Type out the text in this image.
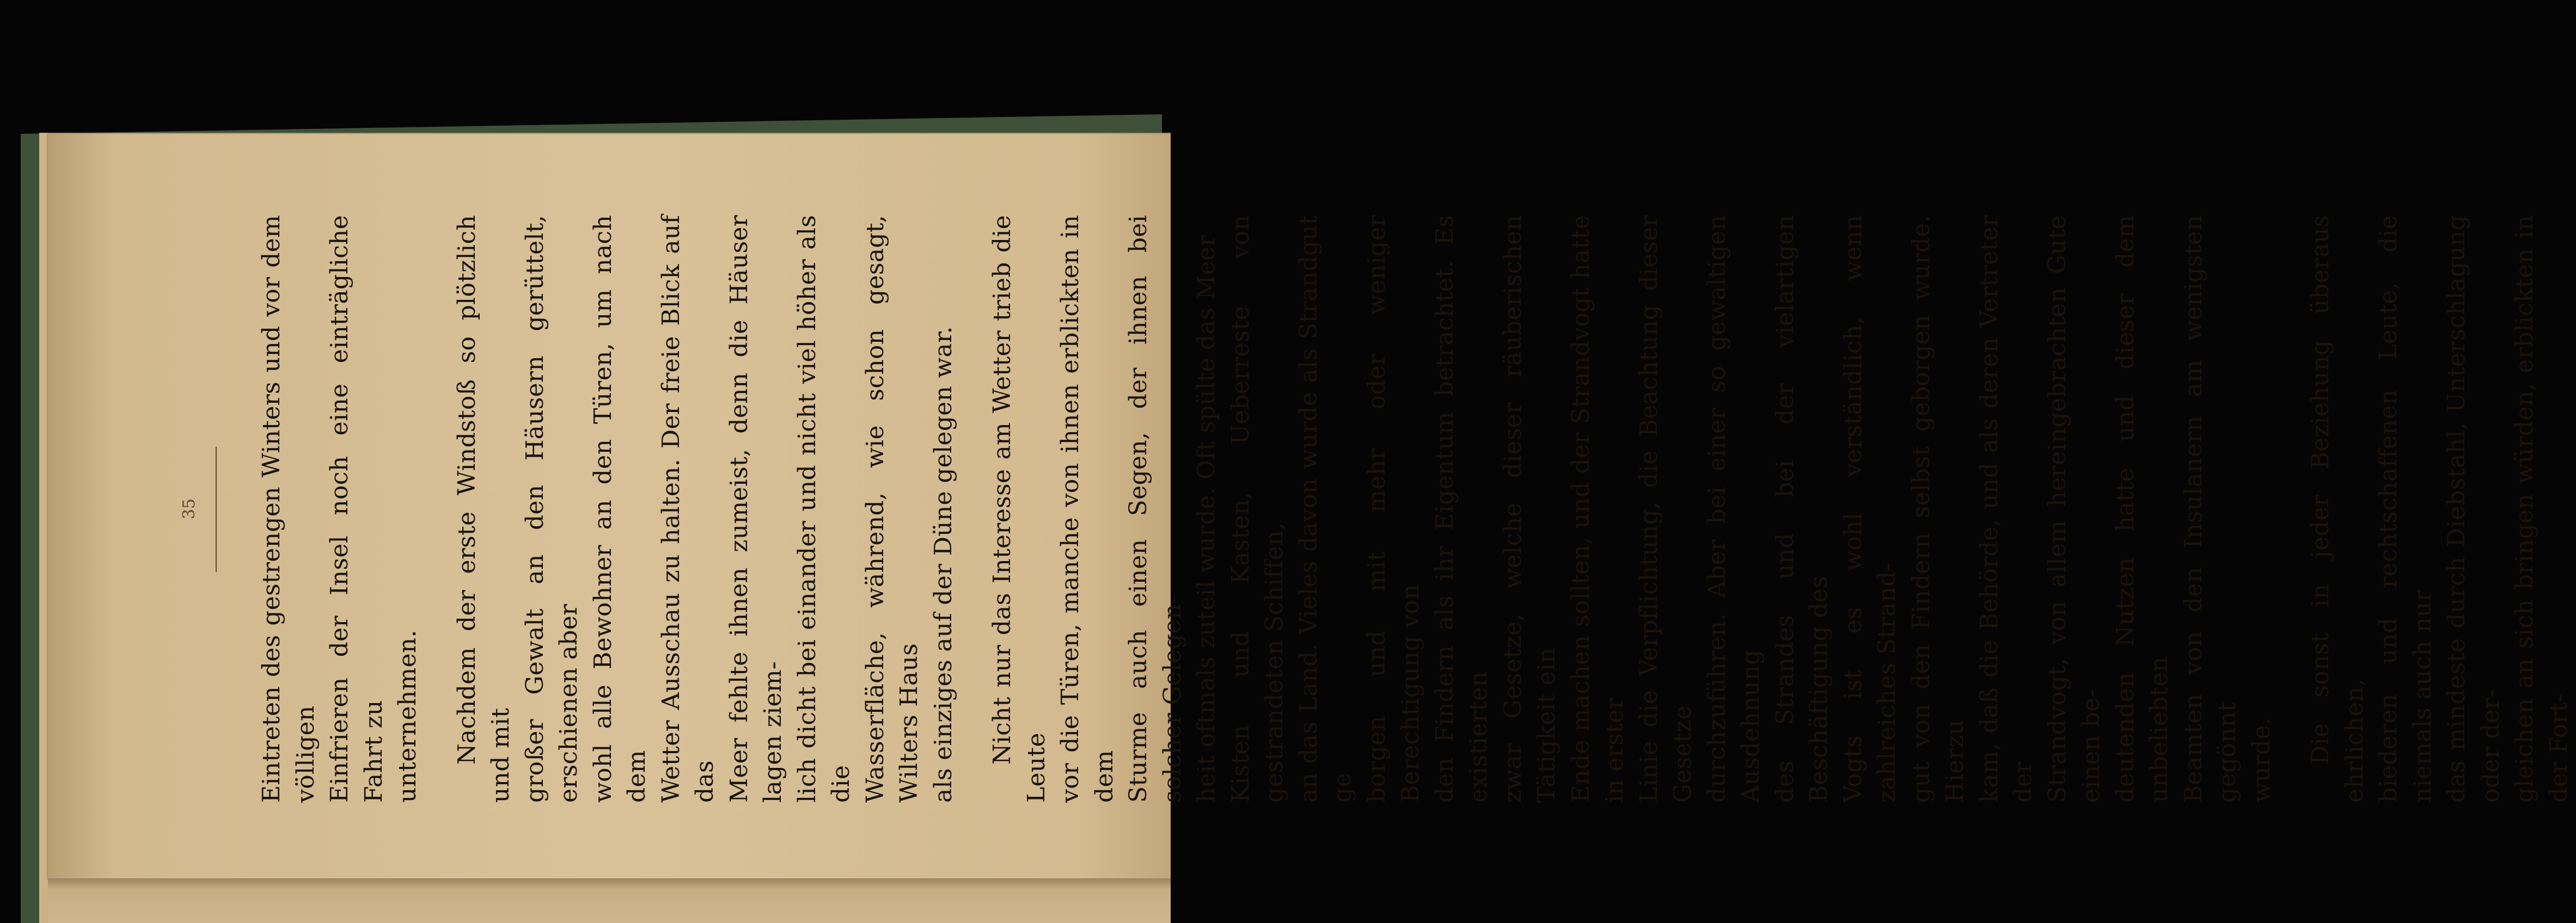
35 Eintreten des gestrengen Winters und vor dem völligen Einfrieren der Insel noch eine einträgliche Fahrt zu unternehmen. Nachdem der erste Windstoß so plötzlich und mit großer Gewalt an den Häusern gerüttelt, erschienen aber wohl alle Bewohner an den Türen, um nach dem Wetter Ausschau zu halten. Der freie Blick auf das Meer fehlte ihnen zumeist, denn die Häuser lagen ziem- lich dicht bei einander und nicht viel höher als die Wasserfläche, während, wie schon gesagt, Wilters Haus als einziges auf der Düne gelegen war. Nicht nur das Interesse am Wetter trieb die Leute vor die Türen, manche von ihnen erblickten in dem Sturme auch einen Segen, der ihnen bei solcher Gelegen- heit oftmals zuteil wurde. Oft spülte das Meer Kisten und Kasten, Ueberreste von gestrandeten Schiffen, an das Land. Vieles davon wurde als Strandgut ge borgen und mit mehr oder weniger Berechtigung von den Findern als ihr Eigentum betrachtet. Es existierten zwar Gesetze, welche dieser räuberischen Tätigkeit ein Ende machen sollten, und der Strandvogt hatte in erster Linie die Verpflichtung, die Beachtung dieser Gesetze durchzuführen. Aber bei einer so gewaltigen Ausdehnung des Strandes und bei der vielartigen Beschäftigung des Vogts ist es wohl verständlich, wenn zahlreiches Strand- gut von den Findern selbst geborgen wurde. Hierzu kam, daß die Behörde, und als deren Vertreter der Strandvogt, von allem hereingebrachten Gute einen be- deutenden Nutzen hatte und dieser dem unbeliebten Beamten von den Insulanern am wenigsten gegönnt wurde. Die sonst in jeder Beziehung überaus ehrlichen, biederen und rechtschaffenen Leute, die niemals auch nur das mindeste durch Diebstahl, Unterschlagung oder der- gleichen an sich bringen würden, erblickten in der Fort-
